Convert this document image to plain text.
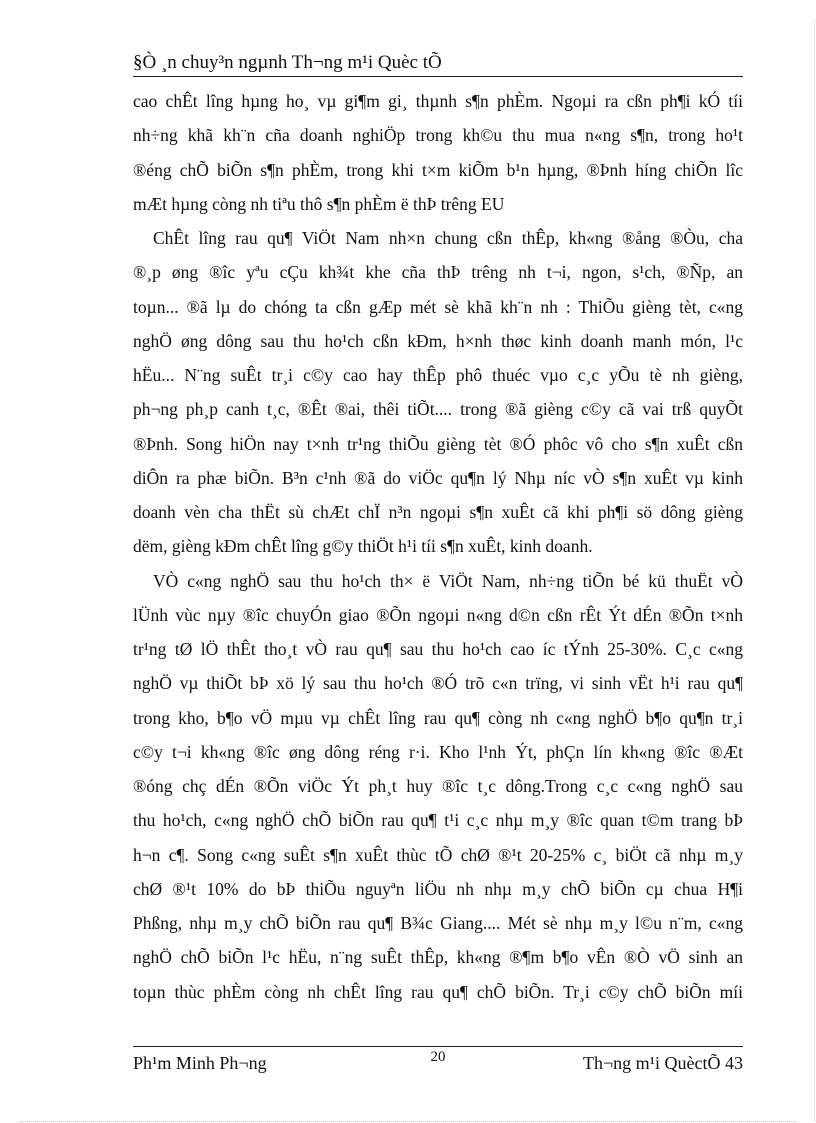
§Ò ¸n chuy³n ngµnh Th¬ng m¹i Quèc tÕ
cao chÊt lîng hµng ho¸ vµ gi¶m gi¸ thµnh s¶n phÈm. Ngoµi ra cßn ph¶i kÓ tíi
nh÷ng khã kh¨n cña doanh nghiÖp trong kh©u thu mua n«ng s¶n, trong ho¹t
®éng chÕ biÕn s¶n phÈm, trong khi t×m kiÕm b¹n hµng, ®Þnh híng chiÕn lîc
mÆt hµng còng nh tiªu thô s¶n phÈm ë thÞ trêng EU
ChÊt lîng rau qu¶ ViÖt Nam nh×n chung cßn thÊp, kh«ng ®ång ®Òu, cha
®¸p øng ®îc yªu cÇu kh¾t khe cña thÞ trêng nh t¬i, ngon, s¹ch, ®Ñp, an
toµn... ®ã lµ do chóng ta cßn gÆp mét sè khã kh¨n nh : ThiÕu gièng tèt, c«ng
nghÖ øng dông sau thu ho¹ch cßn kÐm, h×nh thøc kinh doanh manh món, l¹c
hËu... N¨ng suÊt tr¸i c©y cao hay thÊp phô thuéc vµo c¸c yÕu tè nh gièng,
ph¬ng ph¸p canh t¸c, ®Êt ®ai, thêi tiÕt.... trong ®ã gièng c©y cã vai trß quyÕt
®Þnh. Song hiÖn nay t×nh tr¹ng thiÕu gièng tèt ®Ó phôc vô cho s¶n xuÊt cßn
diÔn ra phæ biÕn. B³n c¹nh ®ã do viÖc qu¶n lý Nhµ níc vÒ s¶n xuÊt vµ kinh
doanh vèn cha thËt sù chÆt chÏ n³n ngoµi s¶n xuÊt cã khi ph¶i sö dông gièng
dëm, gièng kÐm chÊt lîng g©y thiÖt h¹i tíi s¶n xuÊt, kinh doanh.
VÒ c«ng nghÖ sau thu ho¹ch th× ë ViÖt Nam, nh÷ng tiÕn bé kü thuËt vÒ
lÜnh vùc nµy ®îc chuyÓn giao ®Õn ngoµi n«ng d©n cßn rÊt Ýt dÉn ®Õn t×nh
tr¹ng tØ lÖ thÊt tho¸t vÒ rau qu¶ sau thu ho¹ch cao íc tÝnh 25-30%. C¸c c«ng
nghÖ vµ thiÕt bÞ xö lý sau thu ho¹ch ®Ó trõ c«n trïng, vi sinh vËt h¹i rau qu¶
trong kho, b¶o vÖ mµu vµ chÊt lîng rau qu¶ còng nh c«ng nghÖ b¶o qu¶n tr¸i
c©y t¬i kh«ng ®îc øng dông réng r·i. Kho l¹nh Ýt, phÇn lín kh«ng ®îc ®Æt
®óng chç dÉn ®Õn viÖc Ýt ph¸t huy ®îc t¸c dông.Trong c¸c c«ng nghÖ sau
thu ho¹ch, c«ng nghÖ chÕ biÕn rau qu¶ t¹i c¸c nhµ m¸y ®îc quan t©m trang bÞ
h¬n c¶. Song c«ng suÊt s¶n xuÊt thùc tÕ chØ ®¹t 20-25% c¸ biÖt cã nhµ m¸y
chØ ®¹t 10% do bÞ thiÕu nguyªn liÖu nh nhµ m¸y chÕ biÕn cµ chua H¶i
Phßng, nhµ m¸y chÕ biÕn rau qu¶ B¾c Giang.... Mét sè nhµ m¸y l©u n¨m, c«ng
nghÖ chÕ biÕn l¹c hËu, n¨ng suÊt thÊp, kh«ng ®¶m b¶o vÊn ®Ò vÖ sinh an
toµn thùc phÈm còng nh chÊt lîng rau qu¶ chÕ biÕn. Tr¸i c©y chÕ biÕn míi
Ph¹m Minh Ph¬ng	20	Th¬ng m¹i QuèctÕ 43
